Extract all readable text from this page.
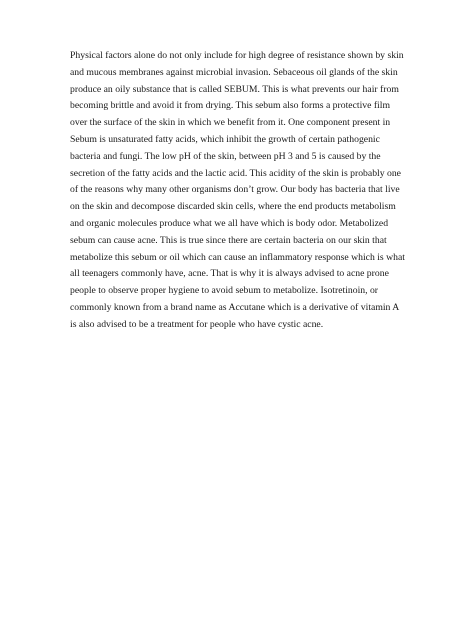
Physical factors alone do not only include for high degree of resistance shown by skin
and mucous membranes against microbial invasion. Sebaceous oil glands of the skin
produce an oily substance that is called SEBUM. This is what prevents our hair from
becoming brittle and avoid it from drying. This sebum also forms a protective film
over the surface of the skin in which we benefit from it. One component present in
Sebum is unsaturated fatty acids, which inhibit the growth of certain pathogenic
bacteria and fungi. The low pH of the skin, between pH 3 and 5 is caused by the
secretion of the fatty acids and the lactic acid. This acidity of the skin is probably one
of the reasons why many other organisms don’t grow. Our body has bacteria that live
on the skin and decompose discarded skin cells, where the end products metabolism
and organic molecules produce what we all have which is body odor. Metabolized
sebum can cause acne. This is true since there are certain bacteria on our skin that
metabolize this sebum or oil which can cause an inflammatory response which is what
all teenagers commonly have, acne. That is why it is always advised to acne prone
people to observe proper hygiene to avoid sebum to metabolize. Isotretinoin, or
commonly known from a brand name as Accutane which is a derivative of vitamin A
is also advised to be a treatment for people who have cystic acne.
